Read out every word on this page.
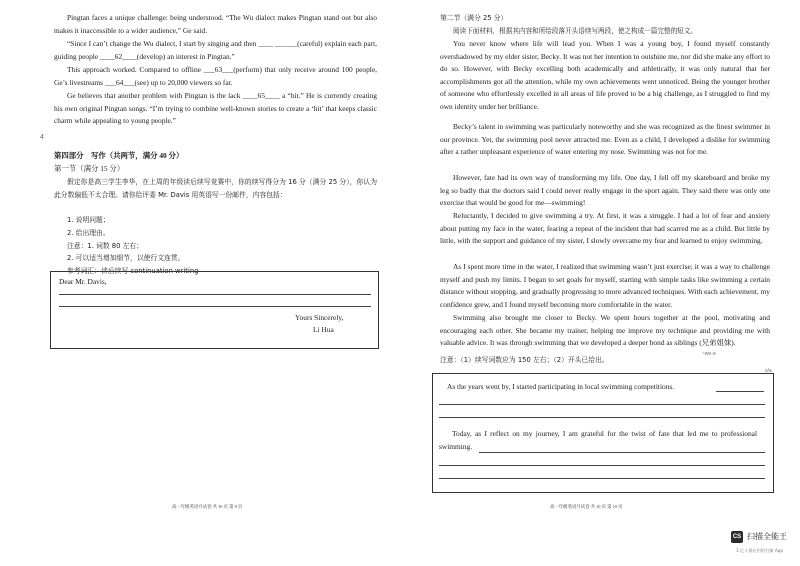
Pingtan faces a unique challenge: being understood. “The Wu dialect makes Pingtan stand out but also makes it inaccessible to a wider audience,” Ge said.

“Since I can’t change the Wu dialect, I start by singing and then ____ ______(careful) explain each part, guiding people ____62____(develop) an interest in Pingtan.”

This approach worked. Compared to offline ___63___(perform) that only receive around 100 people, Ge’s livestreams ___64___(see) up to 20,000 viewers so far.

Ge believes that another problem with Pingtan is the lack ____65____ a “hit.” He is currently creating his own original Pingtan songs. “I’m trying to combine well-known stories to create a ‘hit’ that keeps classic charm while appealing to young people.”

4
第四部分　写作（共两节，满分 40 分）
第一节（满分 15 分）

假定你是高三学生李华，在上周的年级读后续写竞赛中，你的续写得分为 16 分（满分 25 分），你认为此分数偏低不太合理。请你给评委 Mr. Davis 用英语写一份邮件，内容包括：

1. 说明问题；
2. 给出理由。
注意：1. 词数 80 左右；
2. 可以适当增加细节，以使行文连贯。
参考词汇：读后续写 continuation writing
Dear Mr. Davis,
Yours Sincerely,
Li Hua
高一年级英语月试卷 共 10 页 第 9 页
第二节（满分 25 分）

阅读下面材料，根据其内容和所给段落开头语续写两段，使之构成一篇完整的短文。

You never know where life will lead you. When I was a young boy, I found myself constantly overshadowed by my elder sister, Becky. It was not her intention to outshine me, nor did she make any effort to do so. However, with Becky excelling both academically and athletically, it was only natural that her accomplishments got all the attention, while my own achievements went unnoticed. Being the younger brother of someone who effortlessly excelled in all areas of life proved to be a big challenge, as I struggled to find my own identity under her brilliance.

Becky’s talent in swimming was particularly noteworthy and she was recognized as the finest swimmer in our province. Yet, the swimming pool never attracted me. Even as a child, I developed a dislike for swimming after a rather unpleasant experience of water entering my nose. Swimming was not for me.

However, fate had its own way of transforming my life. One day, I fell off my skateboard and broke my leg so badly that the doctors said I could never really engage in the sport again. They said there was only one exercise that would be good for me—swimming!

Reluctantly, I decided to give swimming a try. At first, it was a struggle. I had a lot of fear and anxiety about putting my face in the water, fearing a repeat of the incident that had scarred me as a child. But little by little, with the support and guidance of my sister, I slowly overcame my fear and learned to enjoy swimming.

As I spent more time in the water, I realized that swimming wasn’t just exercise; it was a way to challenge myself and push my limits. I began to set goals for myself, starting with simple tasks like swimming a certain distance without stopping, and gradually progressing to more advanced techniques. With each achievement, my confidence grew, and I found myself becoming more comfortable in the water.

Swimming also brought me closer to Becky. We spent hours together at the pool, motivating and encouraging each other. She became my trainer, helping me improve my technique and providing me with valuable advice. It was through swimming that we developed a deeper bond as siblings (兄弟姐妹).

注意：（1）续写词数应为 150 左右；（2）开头已给出。
~wo·e
x/a
As the years went by, I started participating in local swimming competitions.

Today, as I reflect on my journey, I am grateful for the twist of fate that led me to professional swimming.

高一年级英语月试卷 共 10 页 第 10 页
CS 扫描全能王
3 亿人都在用的扫描 App
